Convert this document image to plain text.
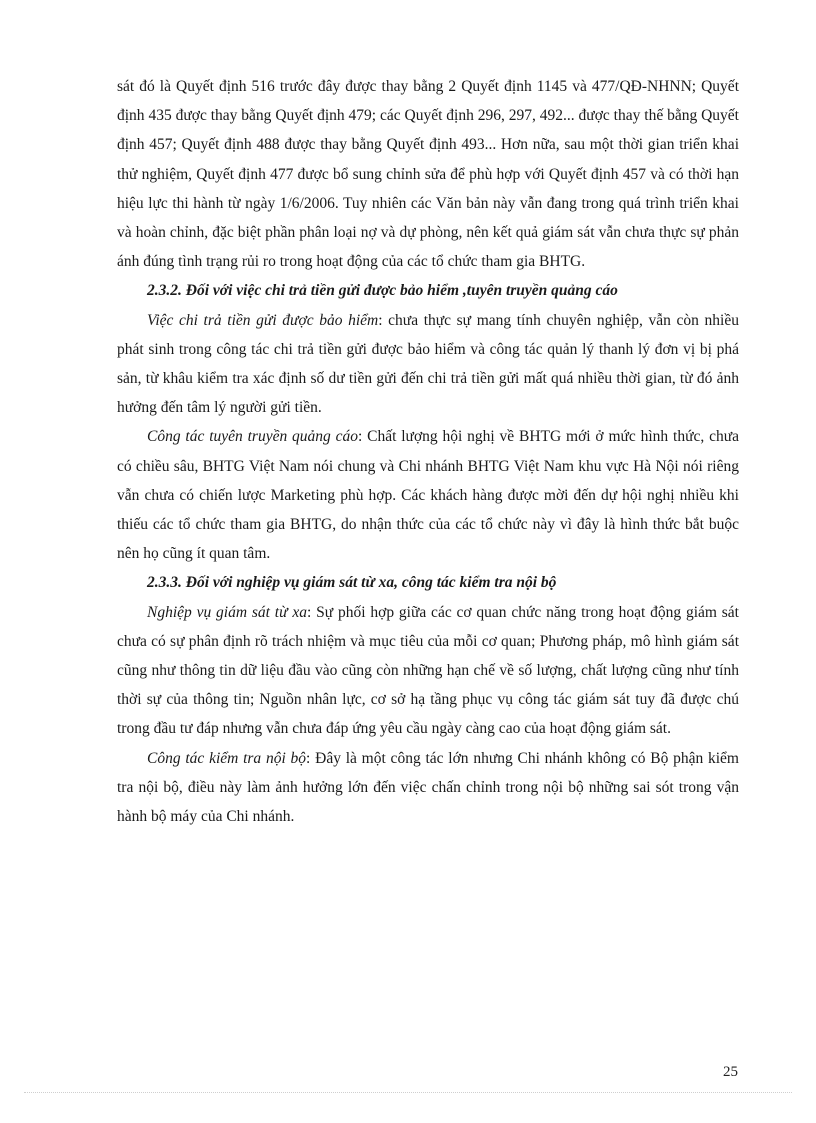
sát đó là Quyết định 516 trước đây được thay bằng 2 Quyết định 1145 và 477/QĐ-NHNN; Quyết định 435 được thay bằng Quyết định 479; các Quyết định 296, 297, 492... được thay thế bằng Quyết định 457; Quyết định 488 được thay bằng Quyết định 493... Hơn nữa, sau một thời gian triển khai thử nghiệm, Quyết định 477 được bổ sung chỉnh sửa để phù hợp với Quyết định 457 và có thời hạn hiệu lực thi hành từ ngày 1/6/2006. Tuy nhiên các Văn bản này vẫn đang trong quá trình triển khai và hoàn chỉnh, đặc biệt phần phân loại nợ và dự phòng, nên kết quả giám sát vẫn chưa thực sự phản ánh đúng tình trạng rủi ro trong hoạt động của các tổ chức tham gia BHTG.

2.3.2. Đối với việc chi trả tiền gửi được bảo hiểm ,tuyên truyền quảng cáo

Việc chi trả tiền gửi được bảo hiểm: chưa thực sự mang tính chuyên nghiệp, vẫn còn nhiều phát sinh trong công tác chi trả tiền gửi được bảo hiểm và công tác quản lý thanh lý đơn vị bị phá sản, từ khâu kiểm tra xác định số dư tiền gửi đến chi trả tiền gửi mất quá nhiều thời gian, từ đó ảnh hưởng đến tâm lý người gửi tiền.

Công tác tuyên truyền quảng cáo: Chất lượng hội nghị về BHTG mới ở mức hình thức, chưa có chiều sâu, BHTG Việt Nam nói chung và Chi nhánh BHTG Việt Nam khu vực Hà Nội nói riêng vẫn chưa có chiến lược Marketing phù hợp. Các khách hàng được mời đến dự hội nghị nhiều khi thiếu các tổ chức tham gia BHTG, do nhận thức của các tổ chức này vì đây là hình thức bắt buộc nên họ cũng ít quan tâm.

2.3.3. Đối với nghiệp vụ giám sát từ xa, công tác kiểm tra nội bộ

Nghiệp vụ giám sát từ xa: Sự phối hợp giữa các cơ quan chức năng trong hoạt động giám sát chưa có sự phân định rõ trách nhiệm và mục tiêu của mỗi cơ quan; Phương pháp, mô hình giám sát cũng như thông tin dữ liệu đầu vào cũng còn những hạn chế về số lượng, chất lượng cũng như tính thời sự của thông tin; Nguồn nhân lực, cơ sở hạ tầng phục vụ công tác giám sát tuy đã được chú trong đầu tư đáp nhưng vẫn chưa đáp ứng yêu cầu ngày càng cao của hoạt động giám sát.

Công tác kiểm tra nội bộ: Đây là một công tác lớn nhưng Chi nhánh không có Bộ phận kiểm tra nội bộ, điều này làm ảnh hưởng lớn đến việc chấn chỉnh trong nội bộ những sai sót trong vận hành bộ máy của Chi nhánh.

25
